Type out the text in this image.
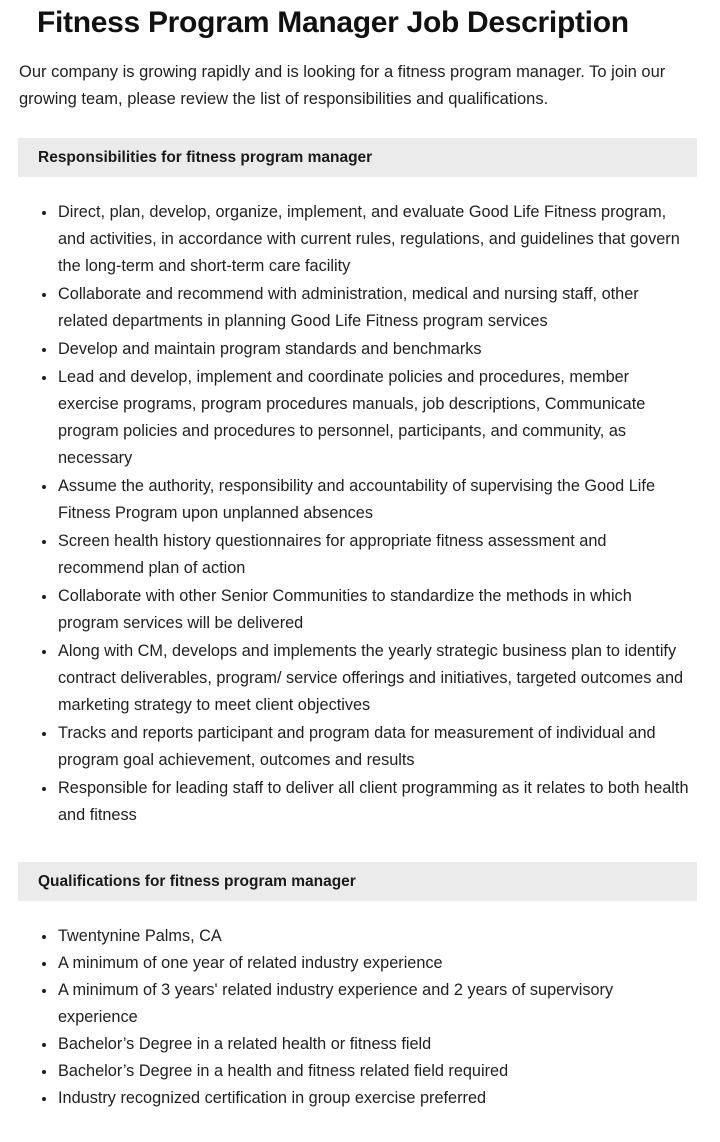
Fitness Program Manager Job Description

Our company is growing rapidly and is looking for a fitness program manager. To join our growing team, please review the list of responsibilities and qualifications.

Responsibilities for fitness program manager
Direct, plan, develop, organize, implement, and evaluate Good Life Fitness program, and activities, in accordance with current rules, regulations, and guidelines that govern the long-term and short-term care facility
Collaborate and recommend with administration, medical and nursing staff, other related departments in planning Good Life Fitness program services
Develop and maintain program standards and benchmarks
Lead and develop, implement and coordinate policies and procedures, member exercise programs, program procedures manuals, job descriptions, Communicate program policies and procedures to personnel, participants, and community, as necessary
Assume the authority, responsibility and accountability of supervising the Good Life Fitness Program upon unplanned absences
Screen health history questionnaires for appropriate fitness assessment and recommend plan of action
Collaborate with other Senior Communities to standardize the methods in which program services will be delivered
Along with CM, develops and implements the yearly strategic business plan to identify contract deliverables, program/ service offerings and initiatives, targeted outcomes and marketing strategy to meet client objectives
Tracks and reports participant and program data for measurement of individual and program goal achievement, outcomes and results
Responsible for leading staff to deliver all client programming as it relates to both health and fitness
Qualifications for fitness program manager
Twentynine Palms, CA
A minimum of one year of related industry experience
A minimum of 3 years' related industry experience and 2 years of supervisory experience
Bachelor’s Degree in a related health or fitness field
Bachelor’s Degree in a health and fitness related field required
Industry recognized certification in group exercise preferred
